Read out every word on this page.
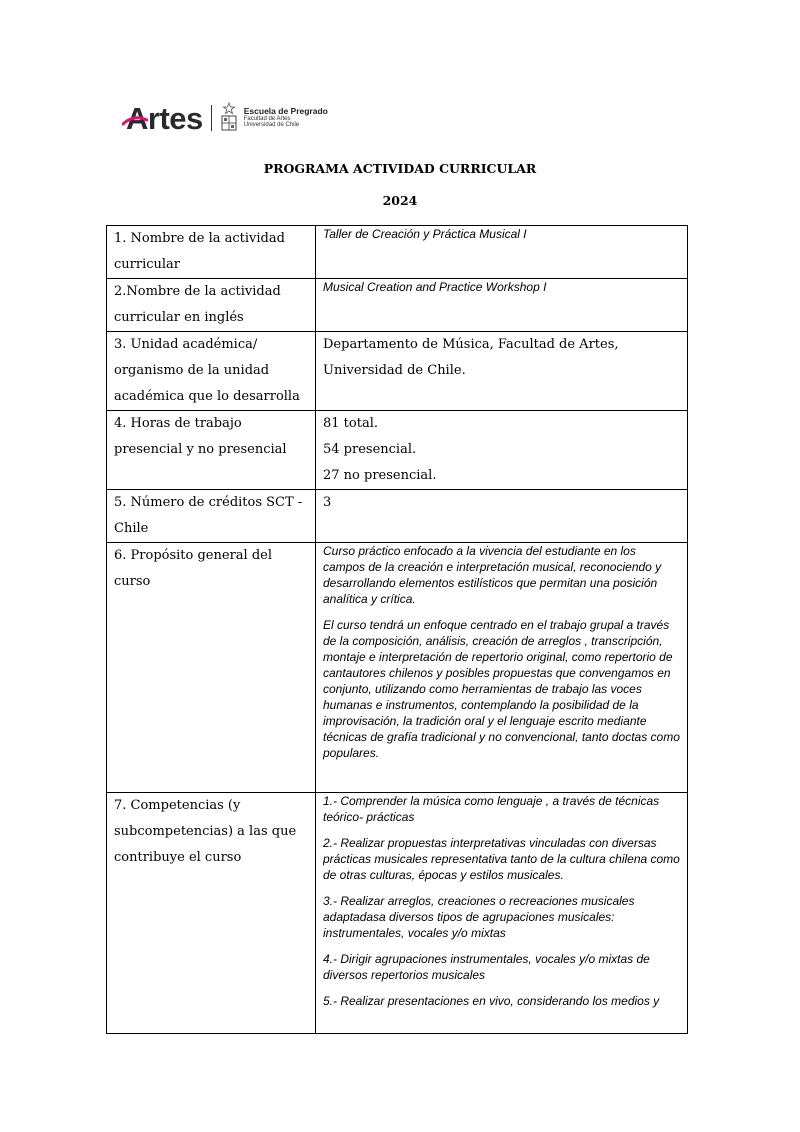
Artes	Escuela de Pregrado
Facultad de Artes
Universidad de Chile
PROGRAMA ACTIVIDAD CURRICULAR
2024
1. Nombre de la actividad curricular	Taller de Creación y Práctica Musical I
2.Nombre de la actividad curricular en inglés	Musical Creation and Practice Workshop I
3. Unidad académica/ organismo de la unidad académica que lo desarrolla	Departamento de Música, Facultad de Artes, Universidad de Chile.
4. Horas de trabajo presencial y no presencial	81 total.
54 presencial.
27 no presencial.

5. Número de créditos SCT - Chile	3
6. Propósito general del curso	Curso práctico enfocado a la vivencia del estudiante en los campos de la creación e interpretación musical, reconociendo y desarrollando elementos estilísticos que permitan una posición analítica y crítica.

El curso tendrá un enfoque centrado en el trabajo grupal a través de la composición, análisis, creación de arreglos , transcripción, montaje e interpretación de repertorio original, como repertorio de cantautores chilenos y posibles propuestas que convengamos en conjunto, utilizando como herramientas de trabajo las voces humanas e instrumentos, contemplando la posibilidad de la improvisación, la tradición oral y el lenguaje escrito mediante técnicas de grafía tradicional y no convencional, tanto doctas como populares.

7. Competencias (y subcompetencias) a las que contribuye el curso	1.- Comprender la música como lenguaje , a través de técnicas teórico- prácticas

2.- Realizar propuestas interpretativas vinculadas con diversas prácticas musicales representativa tanto de la cultura chilena como de otras culturas, épocas y estilos musicales.

3.- Realizar arreglos, creaciones o recreaciones musicales adaptadasa diversos tipos de agrupaciones musicales: instrumentales, vocales y/o mixtas

4.- Dirigir agrupaciones instrumentales, vocales y/o mixtas de diversos repertorios musicales

5.- Realizar presentaciones en vivo, considerando los medios y
